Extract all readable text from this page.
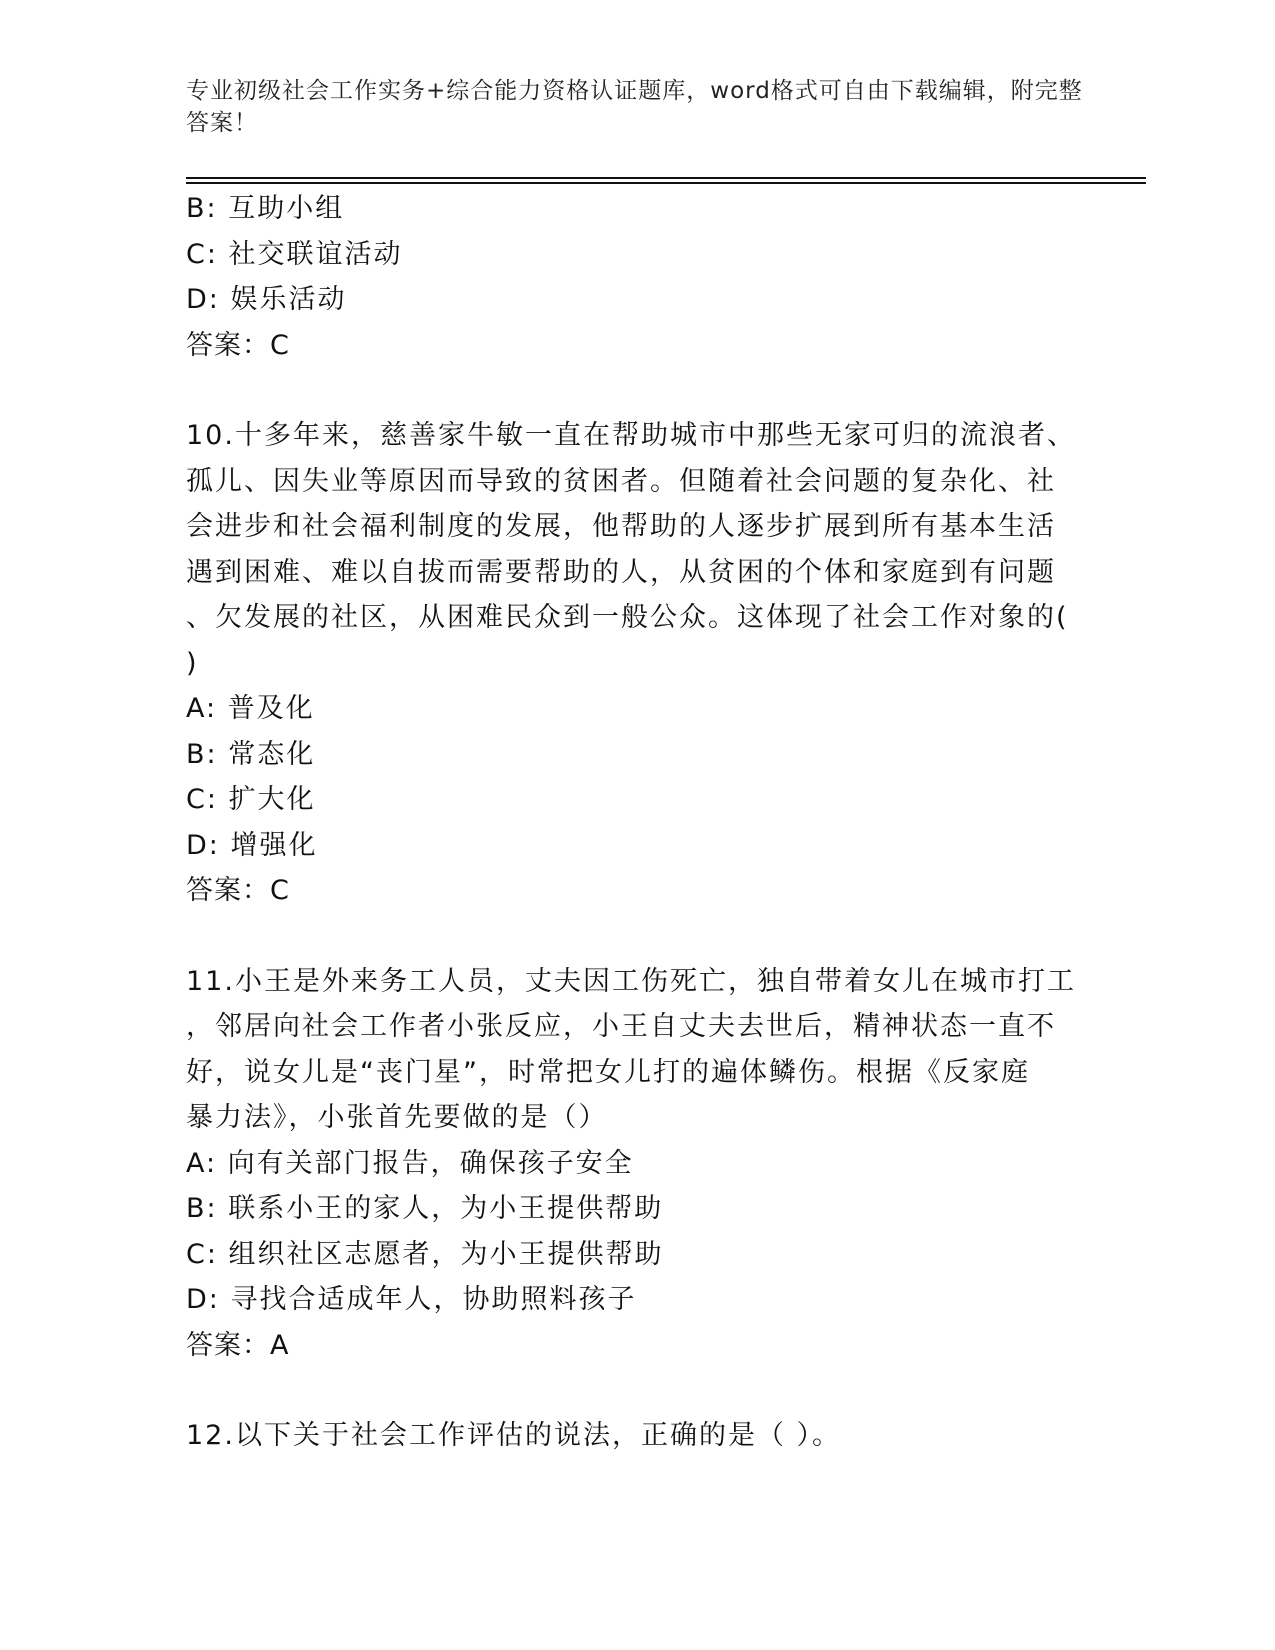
专业初级社会工作实务+综合能力资格认证题库，word格式可自由下载编辑，附完整答案！
B: 互助小组
C: 社交联谊活动
D: 娱乐活动
答案：C
10.十多年来，慈善家牛敏一直在帮助城市中那些无家可归的流浪者、
孤儿、因失业等原因而导致的贫困者。但随着社会问题的复杂化、社
会进步和社会福利制度的发展，他帮助的人逐步扩展到所有基本生活
遇到困难、难以自拔而需要帮助的人，从贫困的个体和家庭到有问题
、欠发展的社区，从困难民众到一般公众。这体现了社会工作对象的(
)
A: 普及化
B: 常态化
C: 扩大化
D: 增强化
答案：C
11.小王是外来务工人员，丈夫因工伤死亡，独自带着女儿在城市打工
，邻居向社会工作者小张反应，小王自丈夫去世后，精神状态一直不
好，说女儿是“丧门星”，时常把女儿打的遍体鳞伤。根据《反家庭
暴力法》，小张首先要做的是（）
A: 向有关部门报告，确保孩子安全
B: 联系小王的家人，为小王提供帮助
C: 组织社区志愿者，为小王提供帮助
D: 寻找合适成年人，协助照料孩子
答案：A
12.以下关于社会工作评估的说法，正确的是（ ）。
